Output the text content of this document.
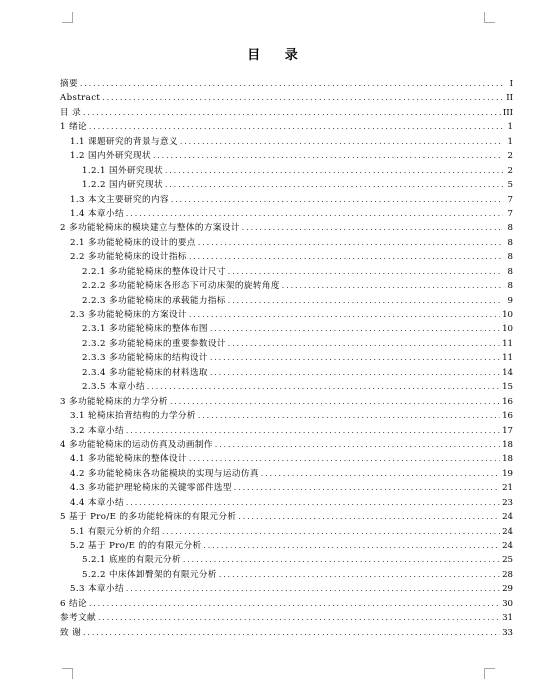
目 录
摘要 .....	I
Abstract .....	II
目 录 .....	III
1 绪论 .....	1
1.1 课题研究的背景与意义 .....	1
1.2 国内外研究现状 .....	2
1.2.1 国外研究现状 .....	2
1.2.2 国内研究现状 .....	5
1.3 本文主要研究的内容 .....	7
1.4 本章小结 .....	7
2 多功能轮椅床的模块建立与整体的方案设计 .....	8
2.1 多功能轮椅床的设计的要点 .....	8
2.2 多功能轮椅床的设计指标 .....	8
2.2.1 多功能轮椅床的整体设计尺寸 .....	8
2.2.2 多功能轮椅床各形态下可动床架的旋转角度 .....	8
2.2.3 多功能轮椅床的承载能力指标 .....	9
2.3 多功能轮椅床的方案设计 .....	10
2.3.1 多功能轮椅床的整体布图 .....	10
2.3.2 多功能轮椅床的重要参数设计 .....	11
2.3.3 多功能轮椅床的结构设计 .....	11
2.3.4 多功能轮椅床的材料选取 .....	14
2.3.5 本章小结 .....	15
3 多功能轮椅床的力学分析 .....	16
3.1 轮椅床抬背结构的力学分析 .....	16
3.2 本章小结 .....	17
4 多功能轮椅床的运动仿真及动画制作 .....	18
4.1 多功能轮椅床的整体设计 .....	18
4.2 多功能轮椅床各功能模块的实现与运动仿真 .....	19
4.3 多功能护理轮椅床的关键零部件选型 .....	21
4.4 本章小结 .....	23
5 基于 Pro/E 的多功能轮椅床的有限元分析 .....	24
5.1 有限元分析的介绍 .....	24
5.2 基于 Pro/E 的的有限元分析 .....	24
5.2.1 底座的有限元分析 .....	25
5.2.2 中床体卸臀架的有限元分析 .....	28
5.3 本章小结 .....	29
6 结论 .....	30
参考文献 .....	31
致 谢 .....	33
